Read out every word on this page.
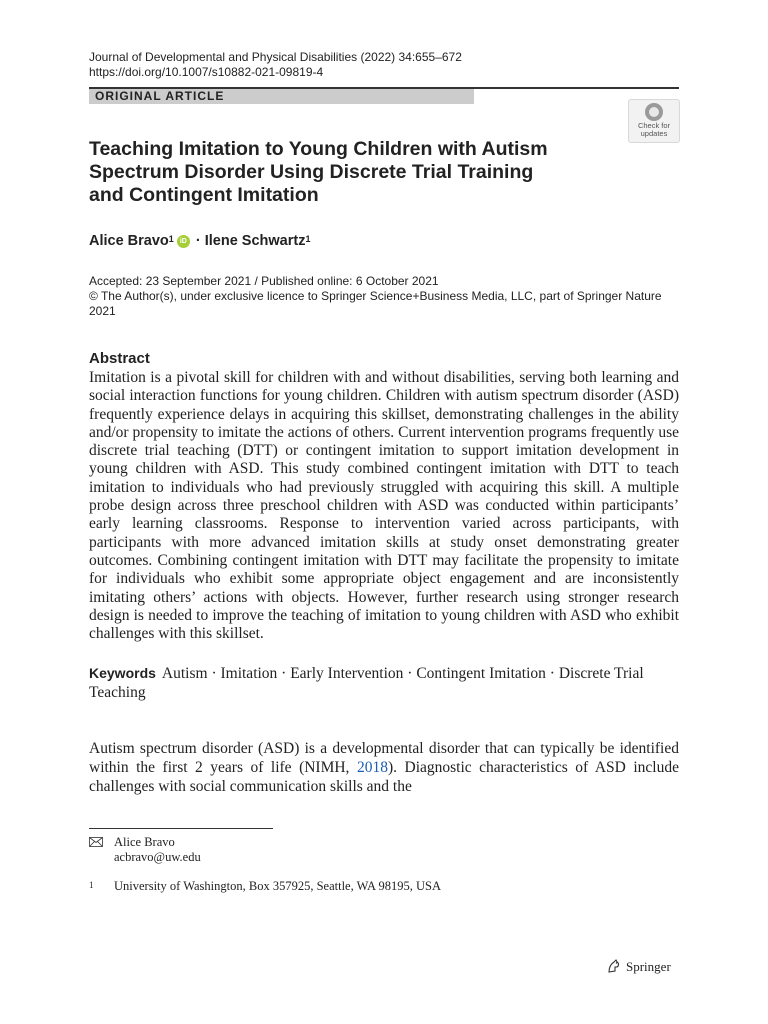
Journal of Developmental and Physical Disabilities (2022) 34:655–672
https://doi.org/10.1007/s10882-021-09819-4
ORIGINAL ARTICLE
Check for
updates
Teaching Imitation to Young Children with Autism Spectrum Disorder Using Discrete Trial Training and Contingent Imitation
Alice Bravo$^1$ iD · Ilene Schwartz$^1$
Accepted: 23 September 2021 / Published online: 6 October 2021
© The Author(s), under exclusive licence to Springer Science+Business Media, LLC, part of Springer Nature 2021
Abstract
Imitation is a pivotal skill for children with and without disabilities, serving both learning and social interaction functions for young children. Children with autism spectrum disorder (ASD) frequently experience delays in acquiring this skillset, demonstrating challenges in the ability and/or propensity to imitate the actions of others. Current intervention programs frequently use discrete trial teaching (DTT) or contingent imitation to support imitation development in young children with ASD. This study combined contingent imitation with DTT to teach imitation to individuals who had previously struggled with acquiring this skill. A multiple probe design across three preschool children with ASD was conducted within participants’ early learning classrooms. Response to intervention varied across participants, with participants with more advanced imitation skills at study onset demonstrating greater outcomes. Combining contingent imitation with DTT may facilitate the propensity to imitate for individuals who exhibit some appropriate object engagement and are inconsistently imitating others’ actions with objects. However, further research using stronger research design is needed to improve the teaching of imitation to young children with ASD who exhibit challenges with this skillset.
Keywords Autism · Imitation · Early Intervention · Contingent Imitation · Discrete Trial Teaching
Autism spectrum disorder (ASD) is a developmental disorder that can typically be identified within the first 2 years of life (NIMH, 2018). Diagnostic characteristics of ASD include challenges with social communication skills and the
Alice Bravo
acbravo@uw.edu
1 University of Washington, Box 357925, Seattle, WA 98195, USA
Springer
